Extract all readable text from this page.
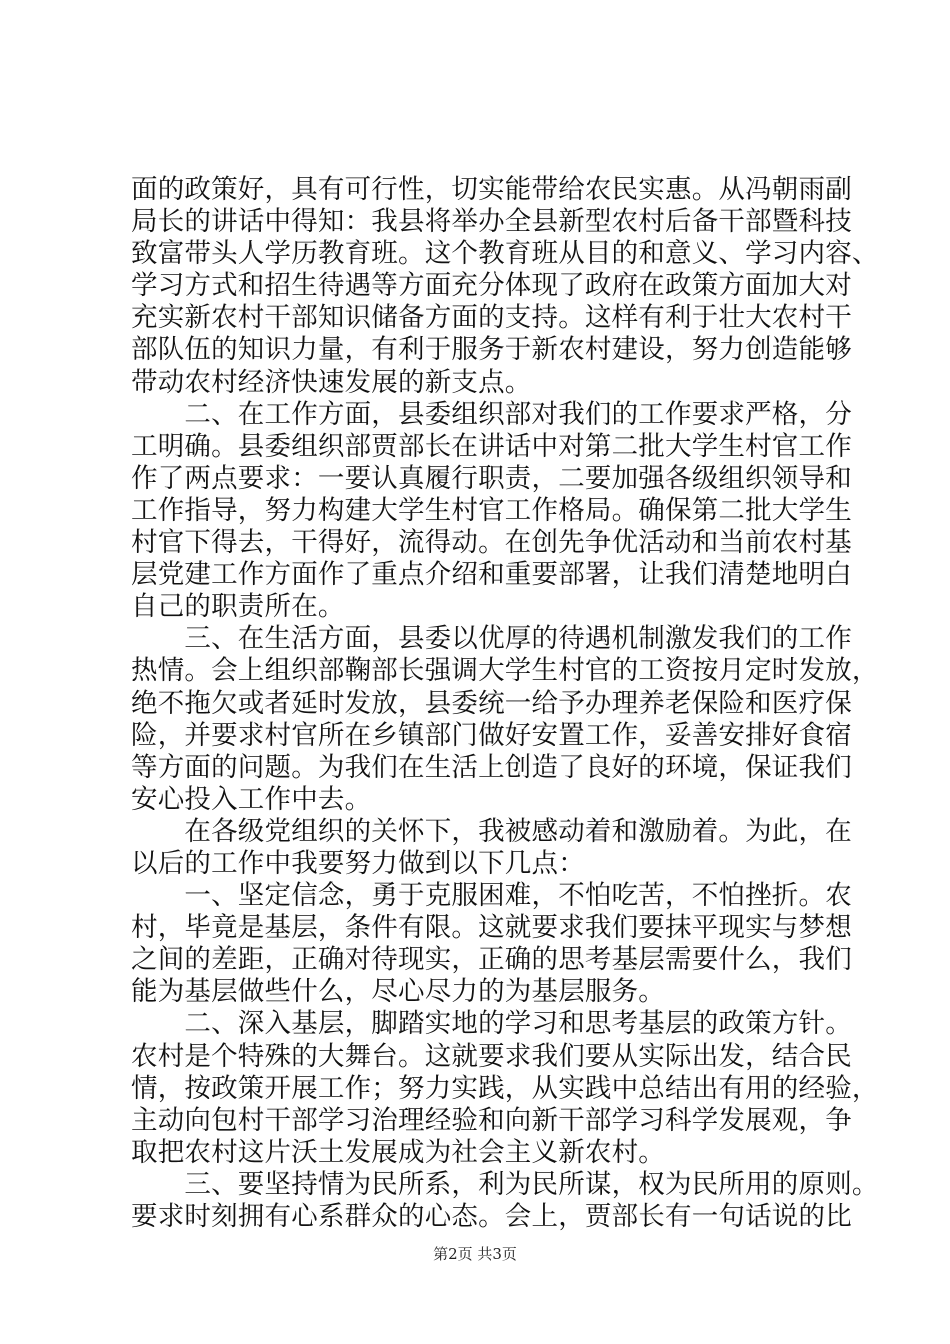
面的政策好，具有可行性，切实能带给农民实惠。从冯朝雨副
局长的讲话中得知：我县将举办全县新型农村后备干部暨科技
致富带头人学历教育班。这个教育班从目的和意义、学习内容、
学习方式和招生待遇等方面充分体现了政府在政策方面加大对
充实新农村干部知识储备方面的支持。这样有利于壮大农村干
部队伍的知识力量，有利于服务于新农村建设，努力创造能够
带动农村经济快速发展的新支点。
　　二、在工作方面，县委组织部对我们的工作要求严格，分
工明确。县委组织部贾部长在讲话中对第二批大学生村官工作
作了两点要求：一要认真履行职责，二要加强各级组织领导和
工作指导，努力构建大学生村官工作格局。确保第二批大学生
村官下得去，干得好，流得动。在创先争优活动和当前农村基
层党建工作方面作了重点介绍和重要部署，让我们清楚地明白
自己的职责所在。
　　三、在生活方面，县委以优厚的待遇机制激发我们的工作
热情。会上组织部鞠部长强调大学生村官的工资按月定时发放，
绝不拖欠或者延时发放，县委统一给予办理养老保险和医疗保
险，并要求村官所在乡镇部门做好安置工作，妥善安排好食宿
等方面的问题。为我们在生活上创造了良好的环境，保证我们
安心投入工作中去。
　　在各级党组织的关怀下，我被感动着和激励着。为此，在
以后的工作中我要努力做到以下几点：
　　一、坚定信念，勇于克服困难，不怕吃苦，不怕挫折。农
村，毕竟是基层，条件有限。这就要求我们要抹平现实与梦想
之间的差距，正确对待现实，正确的思考基层需要什么，我们
能为基层做些什么，尽心尽力的为基层服务。
　　二、深入基层，脚踏实地的学习和思考基层的政策方针。
农村是个特殊的大舞台。这就要求我们要从实际出发，结合民
情，按政策开展工作；努力实践，从实践中总结出有用的经验，
主动向包村干部学习治理经验和向新干部学习科学发展观，争
取把农村这片沃土发展成为社会主义新农村。
　　三、要坚持情为民所系，利为民所谋，权为民所用的原则。
要求时刻拥有心系群众的心态。会上，贾部长有一句话说的比
第2页 共3页
